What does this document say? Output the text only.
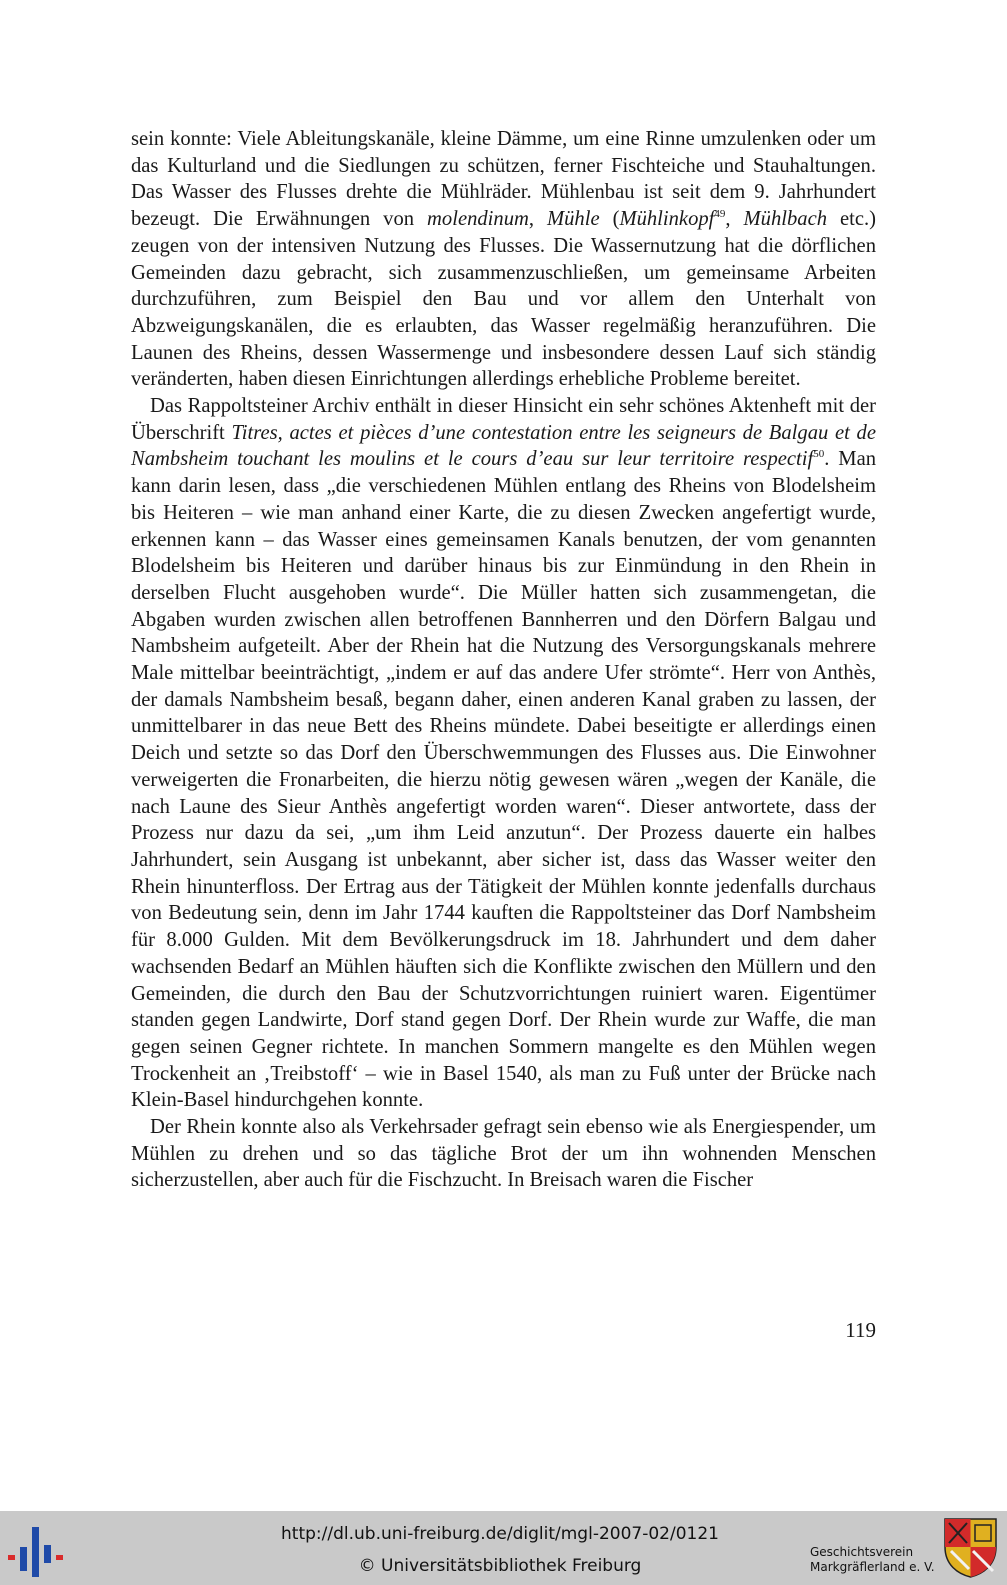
sein konnte: Viele Ableitungskanäle, kleine Dämme, um eine Rinne umzulenken oder um das Kulturland und die Siedlungen zu schützen, ferner Fischteiche und Stauhaltungen. Das Wasser des Flusses drehte die Mühlräder. Mühlenbau ist seit dem 9. Jahrhundert bezeugt. Die Erwähnungen von molendinum, Mühle (Mühlinkopf$^{49}$, Mühlbach etc.) zeugen von der intensiven Nutzung des Flusses. Die Wassernutzung hat die dörflichen Gemeinden dazu gebracht, sich zusammenzuschließen, um gemeinsame Arbeiten durchzuführen, zum Beispiel den Bau und vor allem den Unterhalt von Abzweigungskanälen, die es erlaubten, das Wasser regelmäßig heranzuführen. Die Launen des Rheins, dessen Wassermenge und insbesondere dessen Lauf sich ständig veränderten, haben diesen Einrichtungen allerdings erhebliche Probleme bereitet.

Das Rappoltsteiner Archiv enthält in dieser Hinsicht ein sehr schönes Aktenheft mit der Überschrift Titres, actes et pièces d’une contestation entre les seigneurs de Balgau et de Nambsheim touchant les moulins et le cours d’eau sur leur territoire respectif$^{50}$. Man kann darin lesen, dass „die verschiedenen Mühlen entlang des Rheins von Blodelsheim bis Heiteren – wie man anhand einer Karte, die zu diesen Zwecken angefertigt wurde, erkennen kann – das Wasser eines gemeinsamen Kanals benutzen, der vom genannten Blodelsheim bis Heiteren und darüber hinaus bis zur Einmündung in den Rhein in derselben Flucht ausgehoben wurde“. Die Müller hatten sich zusammengetan, die Abgaben wurden zwischen allen betroffenen Bannherren und den Dörfern Balgau und Nambsheim aufgeteilt. Aber der Rhein hat die Nutzung des Versorgungskanals mehrere Male mittelbar beeinträchtigt, „indem er auf das andere Ufer strömte“. Herr von Anthès, der damals Nambsheim besaß, begann daher, einen anderen Kanal graben zu lassen, der unmittelbarer in das neue Bett des Rheins mündete. Dabei beseitigte er allerdings einen Deich und setzte so das Dorf den Überschwemmungen des Flusses aus. Die Einwohner verweigerten die Fronarbeiten, die hierzu nötig gewesen wären „wegen der Kanäle, die nach Laune des Sieur Anthès angefertigt worden waren“. Dieser antwortete, dass der Prozess nur dazu da sei, „um ihm Leid anzutun“. Der Prozess dauerte ein halbes Jahrhundert, sein Ausgang ist unbekannt, aber sicher ist, dass das Wasser weiter den Rhein hinunterfloss. Der Ertrag aus der Tätigkeit der Mühlen konnte jedenfalls durchaus von Bedeutung sein, denn im Jahr 1744 kauften die Rappoltsteiner das Dorf Nambsheim für 8.000 Gulden. Mit dem Bevölkerungsdruck im 18. Jahrhundert und dem daher wachsenden Bedarf an Mühlen häuften sich die Konflikte zwischen den Müllern und den Gemeinden, die durch den Bau der Schutzvorrichtungen ruiniert waren. Eigentümer standen gegen Landwirte, Dorf stand gegen Dorf. Der Rhein wurde zur Waffe, die man gegen seinen Gegner richtete. In manchen Sommern mangelte es den Mühlen wegen Trockenheit an ‚Treibstoff‘ – wie in Basel 1540, als man zu Fuß unter der Brücke nach Klein-Basel hindurchgehen konnte.

Der Rhein konnte also als Verkehrsader gefragt sein ebenso wie als Energiespender, um Mühlen zu drehen und so das tägliche Brot der um ihn wohnenden Menschen sicherzustellen, aber auch für die Fischzucht. In Breisach waren die Fischer

119
http://dl.ub.uni-freiburg.de/diglit/mgl-2007-02/0121
© Universitätsbibliothek Freiburg
Geschichtsverein
Markgräflerland e. V.
